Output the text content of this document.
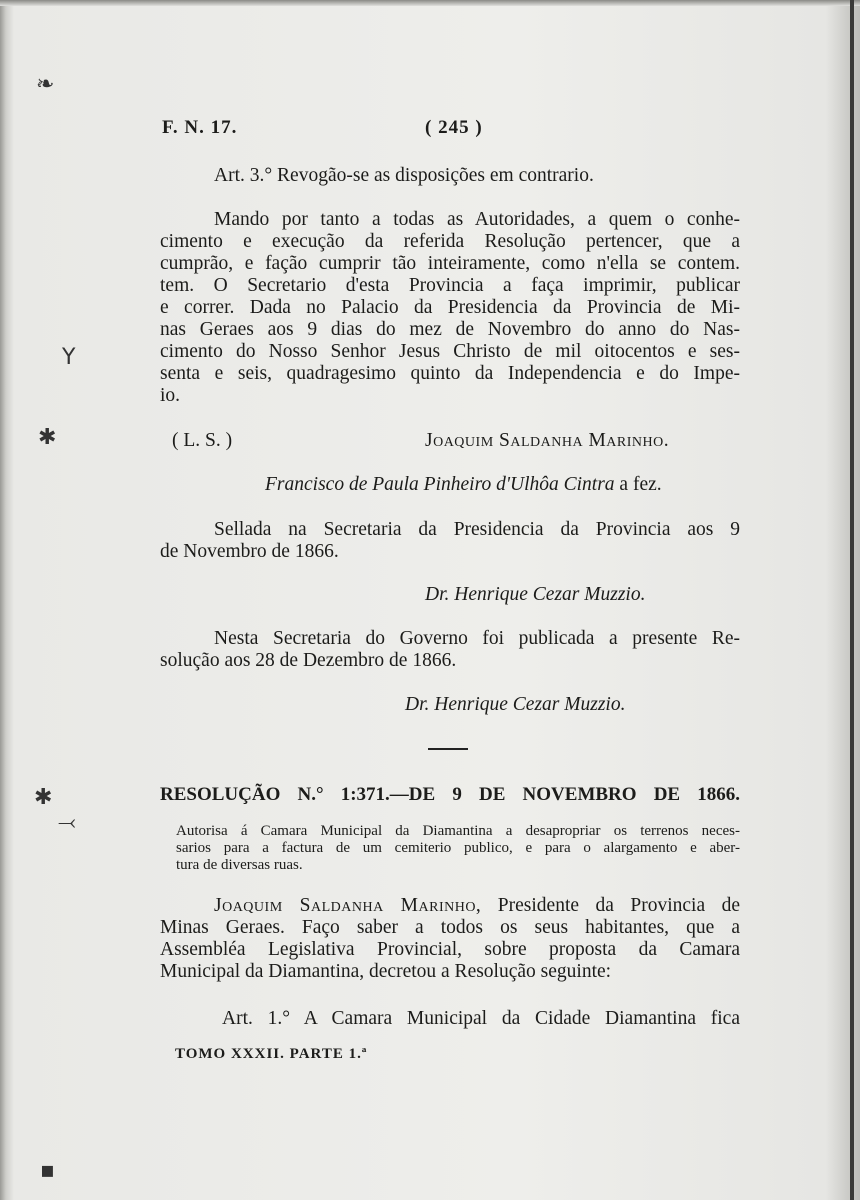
❧
Y
✱
✱
⤙
▪
F. N. 17.	( 245 )
Art. 3.° Revogão-se as disposições em contrario.
Mando por tanto a todas as Autoridades, a quem o conhe-
cimento e execução da referida Resolução pertencer, que a
cumprão, e fação cumprir tão inteiramente, como n'ella se contem.
tem. O Secretario d'esta Provincia a faça imprimir, publicar
e correr. Dada no Palacio da Presidencia da Provincia de Mi-
nas Geraes aos 9 dias do mez de Novembro do anno do Nas-
cimento do Nosso Senhor Jesus Christo de mil oitocentos e ses-
senta e seis, quadragesimo quinto da Independencia e do Impe-
io.
( L. S. )	Joaquim Saldanha Marinho.
Francisco de Paula Pinheiro d'Ulhôa Cintra a fez.
Sellada na Secretaria da Presidencia da Provincia aos 9
de Novembro de 1866.
Dr. Henrique Cezar Muzzio.
Nesta Secretaria do Governo foi publicada a presente Re-
solução aos 28 de Dezembro de 1866.
Dr. Henrique Cezar Muzzio.
RESOLUÇÃO N.° 1:371.—DE 9 DE NOVEMBRO DE 1866.
Autorisa á Camara Municipal da Diamantina a desapropriar os terrenos neces-
sarios para a factura de um cemiterio publico, e para o alargamento e aber-
tura de diversas ruas.
Joaquim Saldanha Marinho, Presidente da Provincia de
Minas Geraes. Faço saber a todos os seus habitantes, que a
Assembléa Legislativa Provincial, sobre proposta da Camara
Municipal da Diamantina, decretou a Resolução seguinte:
Art. 1.° A Camara Municipal da Cidade Diamantina fica
TOMO XXXII. PARTE 1.ª
